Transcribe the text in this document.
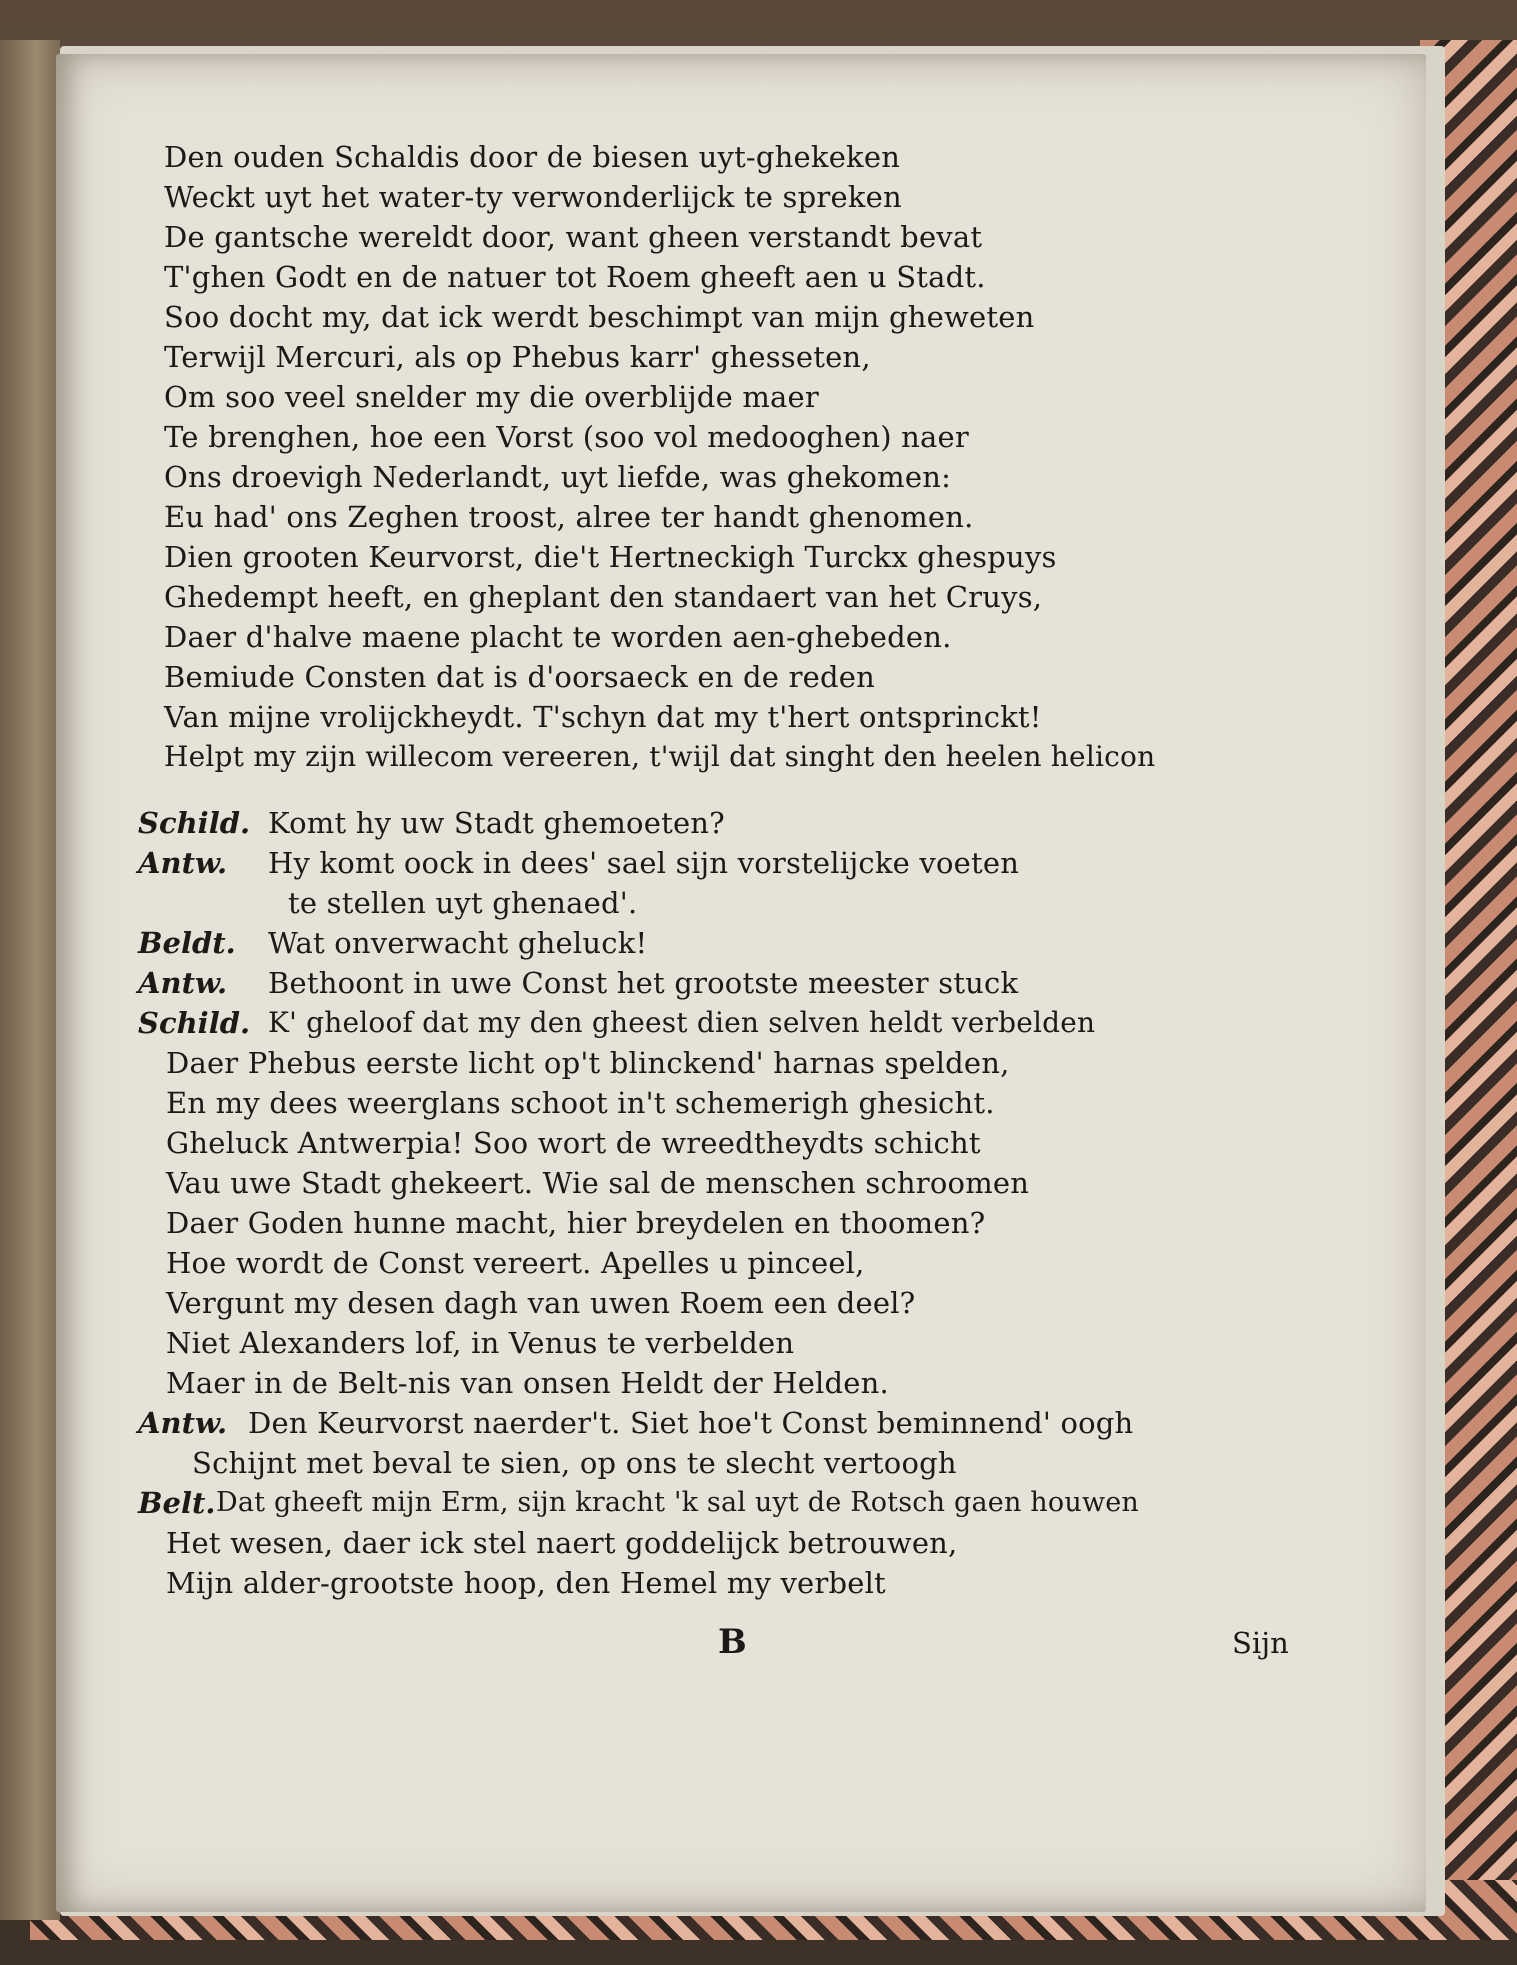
Den ouden Schaldis door de biesen uyt-ghekeken
Weckt uyt het water-ty verwonderlijck te spreken
De gantsche wereldt door, want gheen verstandt bevat
T'ghen Godt en de natuer tot Roem gheeft aen u Stadt.
Soo docht my, dat ick werdt beschimpt van mijn gheweten
Terwijl Mercuri, als op Phebus karr' ghesseten,
Om soo veel snelder my die overblijde maer
Te brenghen, hoe een Vorst (soo vol medooghen) naer
Ons droevigh Nederlandt, uyt liefde, was ghekomen:
Eu had' ons Zeghen troost, alree ter handt ghenomen.
Dien grooten Keurvorst, die't Hertneckigh Turckx ghespuys
Ghedempt heeft, en gheplant den standaert van het Cruys,
Daer d'halve maene placht te worden aen-ghebeden.
Bemiude Consten dat is d'oorsaeck en de reden
Van mijne vrolijckheydt. T'schyn dat my t'hert ontsprinckt!
Helpt my zijn willecom vereeren, t'wijl dat singht den heelen helicon
Schild. Komt hy uw Stadt ghemoeten?
Antw. Hy komt oock in dees' sael sijn vorstelijcke voeten
te stellen uyt ghenaed'.
Beldt. Wat onverwacht gheluck!
Antw. Bethoont in uwe Const het grootste meester stuck
Schild. K' gheloof dat my den gheest dien selven heldt verbelden
Daer Phebus eerste licht op't blinckend' harnas spelden,
En my dees weerglans schoot in't schemerigh ghesicht.
Gheluck Antwerpia! Soo wort de wreedtheydts schicht
Vau uwe Stadt ghekeert. Wie sal de menschen schroomen
Daer Goden hunne macht, hier breydelen en thoomen?
Hoe wordt de Const vereert. Apelles u pinceel,
Vergunt my desen dagh van uwen Roem een deel?
Niet Alexanders lof, in Venus te verbelden
Maer in de Belt-nis van onsen Heldt der Helden.
Antw. Den Keurvorst naerder't. Siet hoe't Const beminnend' oogh
Schijnt met beval te sien, op ons te slecht vertoogh
Belt. Dat gheeft mijn Erm, sijn kracht 'k sal uyt de Rotsch gaen houwen
Het wesen, daer ick stel naert goddelijck betrouwen,
Mijn alder-grootste hoop, den Hemel my verbelt
B	Sijn
